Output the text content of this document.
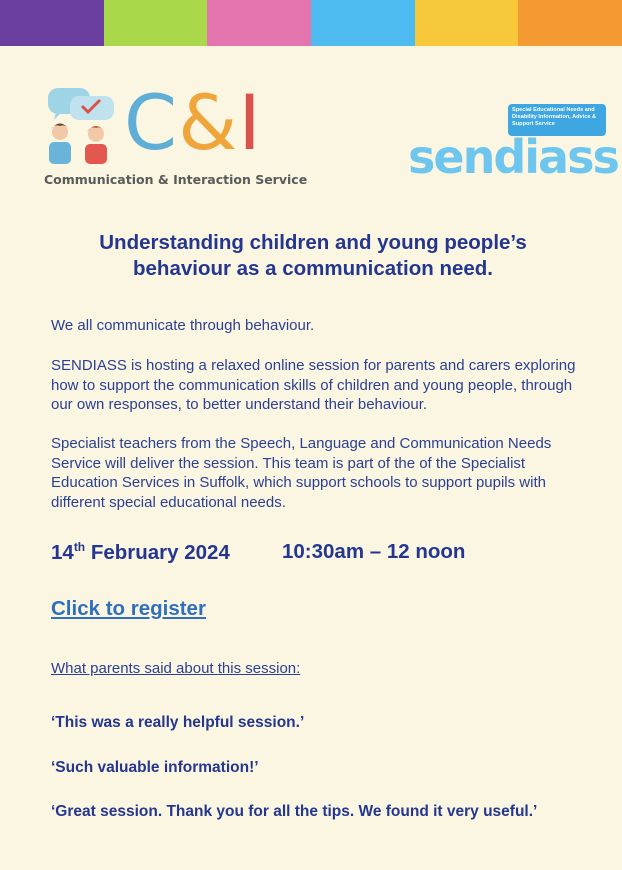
C&I
Communication & Interaction Service
Special Educational Needs and Disability Information, Advice & Support Service
sendiass
Understanding children and young people’s
behaviour as a communication need.
We all communicate through behaviour.
SENDIASS is hosting a relaxed online session for parents and carers exploring how to support the communication skills of children and young people, through our own responses, to better understand their behaviour.
Specialist teachers from the Speech, Language and Communication Needs Service will deliver the session. This team is part of the of the Specialist Education Services in Suffolk, which support schools to support pupils with different special educational needs.
14th February 2024	10:30am – 12 noon
Click to register
What parents said about this session:
‘This was a really helpful session.’
‘Such valuable information!’
‘Great session. Thank you for all the tips. We found it very useful.’
